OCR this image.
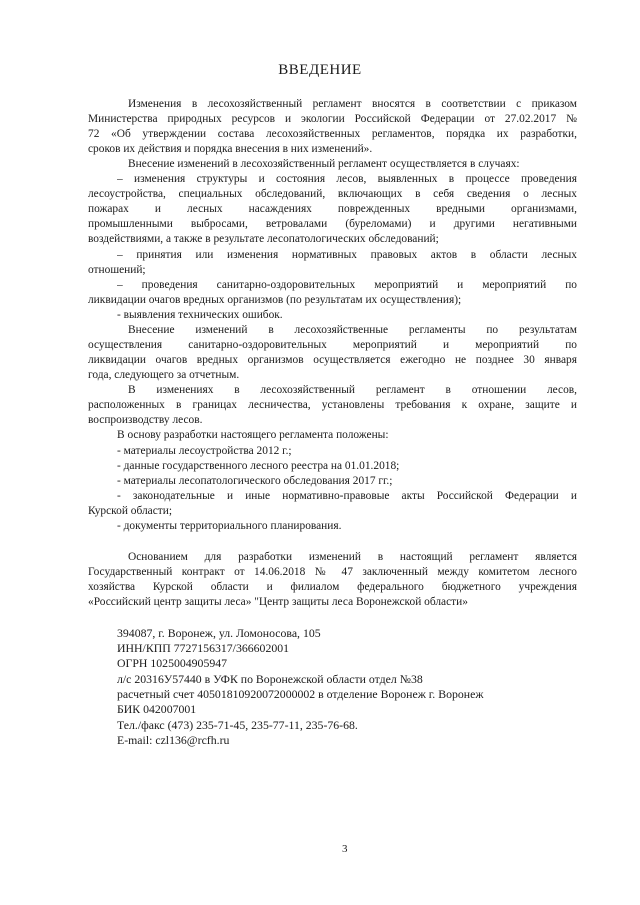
ВВЕДЕНИЕ
Изменения в лесохозяйственный регламент вносятся в соответствии с приказом
Министерства природных ресурсов и экологии Российской Федерации от 27.02.2017 №
72 «Об утверждении состава лесохозяйственных регламентов, порядка их разработки,
сроков их действия и порядка внесения в них изменений».
Внесение изменений в лесохозяйственный регламент осуществляется в случаях:
– изменения структуры и состояния лесов, выявленных в процессе проведения
лесоустройства, специальных обследований, включающих в себя сведения о лесных
пожарах и лесных насаждениях поврежденных вредными организмами,
промышленными выбросами, ветровалами (буреломами) и другими негативными
воздействиями, а также в результате лесопатологических обследований;
– принятия или изменения нормативных правовых актов в области лесных
отношений;
– проведения санитарно-оздоровительных мероприятий и мероприятий по
ликвидации очагов вредных организмов (по результатам их осуществления);
- выявления технических ошибок.
Внесение изменений в лесохозяйственные регламенты по результатам
осуществления санитарно-оздоровительных мероприятий и мероприятий по
ликвидации очагов вредных организмов осуществляется ежегодно не позднее 30 января
года, следующего за отчетным.
В изменениях в лесохозяйственный регламент в отношении лесов,
расположенных в границах лесничества, установлены требования к охране, защите и
воспроизводству лесов.
В основу разработки настоящего регламента положены:
- материалы лесоустройства 2012 г.;
- данные государственного лесного реестра на 01.01.2018;
- материалы лесопатологического обследования 2017 гг.;
- законодательные и иные нормативно-правовые акты Российской Федерации и
Курской области;
- документы территориального планирования.
Основанием для разработки изменений в настоящий регламент является
Государственный контракт от 14.06.2018 № 47 заключенный между комитетом лесного
хозяйства Курской области и филиалом федерального бюджетного учреждения
«Российский центр защиты леса» "Центр защиты леса Воронежской области»
394087, г. Воронеж, ул. Ломоносова, 105
ИНН/КПП 7727156317/366602001
ОГРН 1025004905947
л/с 20316У57440 в УФК по Воронежской области отдел №38
расчетный счет 40501810920072000002 в отделение Воронеж г. Воронеж
БИК 042007001
Тел./факс (473) 235-71-45, 235-77-11, 235-76-68.
E-mail: czl136@rcfh.ru
3
